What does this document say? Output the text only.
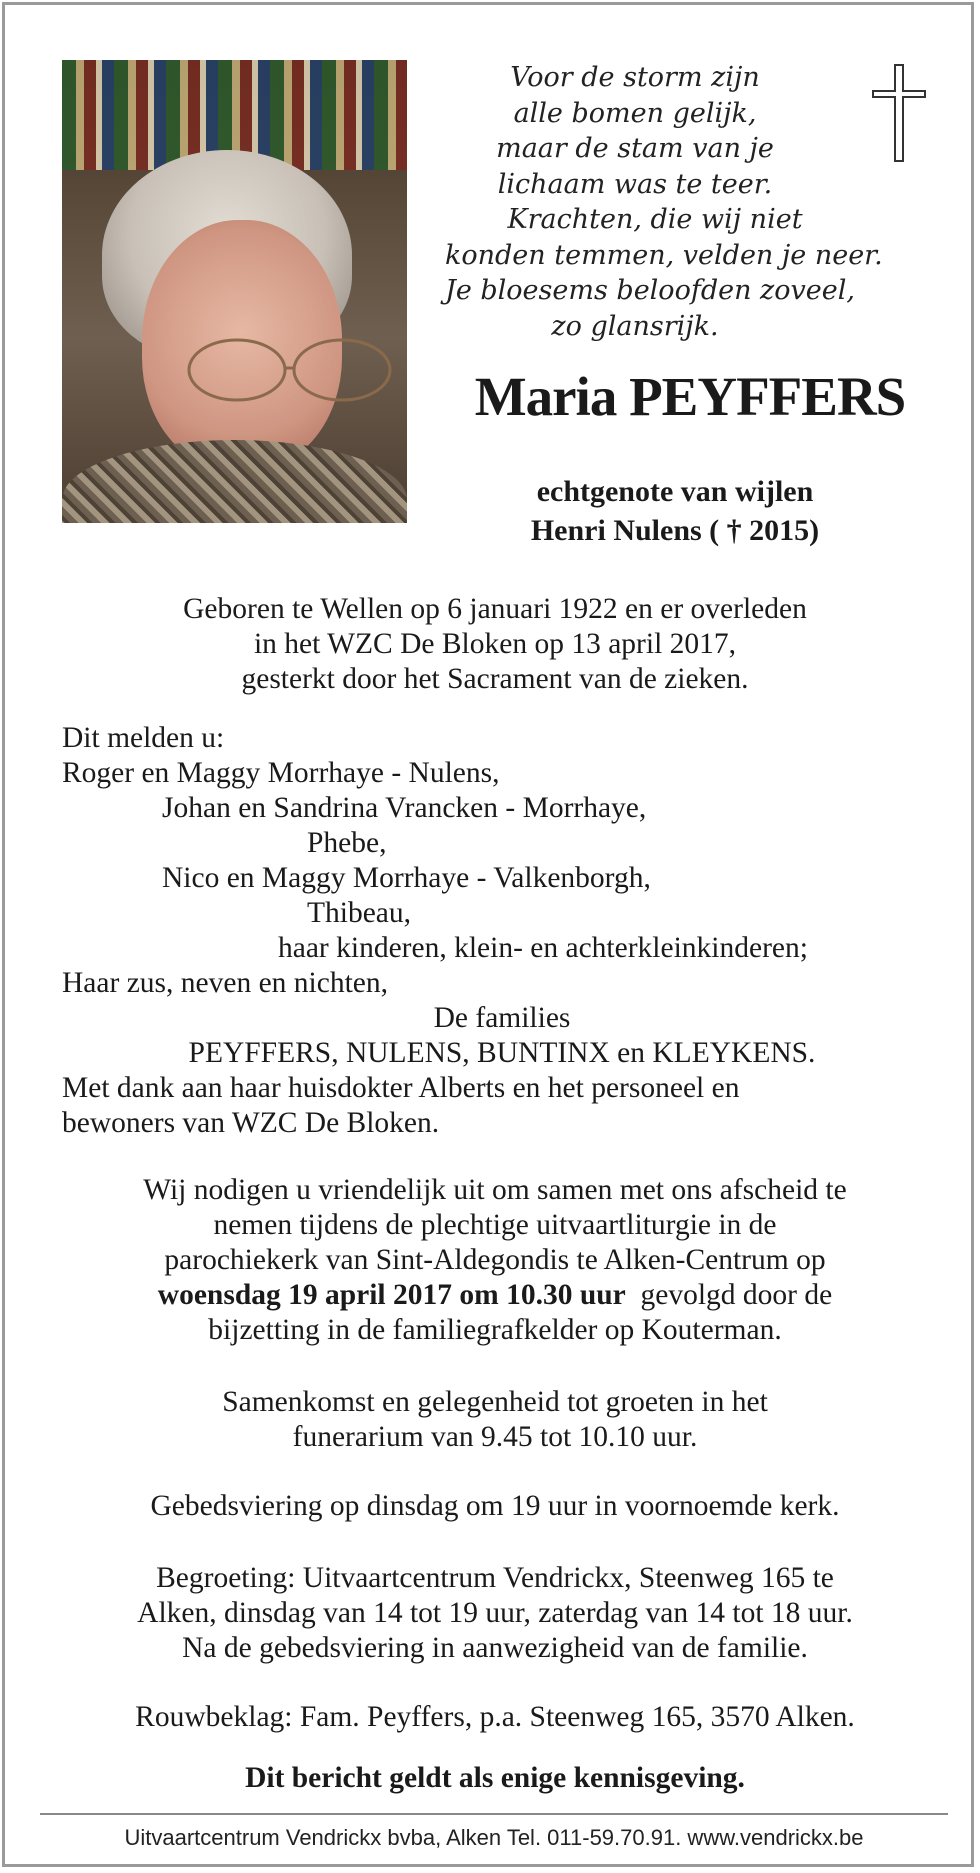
Voor de storm zijn
alle bomen gelijk,
maar de stam van je
lichaam was te teer.
Krachten, die wij niet
konden temmen, velden je neer.
Je bloesems beloofden zoveel,
zo glansrijk.
Maria PEYFFERS

echtgenote van wijlen
Henri Nulens ( † 2015)

Geboren te Wellen op 6 januari 1922 en er overleden
in het WZC De Bloken op 13 april 2017,
gesterkt door het Sacrament van de zieken.

Dit melden u:
Roger en Maggy Morrhaye - Nulens,
Johan en Sandrina Vrancken - Morrhaye,
Phebe,
Nico en Maggy Morrhaye - Valkenborgh,
Thibeau,
haar kinderen, klein- en achterkleinkinderen;
Haar zus, neven en nichten,
De families
PEYFFERS, NULENS, BUNTINX en KLEYKENS.
Met dank aan haar huisdokter Alberts en het personeel en
bewoners van WZC De Bloken.

Wij nodigen u vriendelijk uit om samen met ons afscheid te
nemen tijdens de plechtige uitvaartliturgie in de
parochiekerk van Sint-Aldegondis te Alken-Centrum op
woensdag 19 april 2017 om 10.30 uur gevolgd door de
bijzetting in de familiegrafkelder op Kouterman.

Samenkomst en gelegenheid tot groeten in het
funerarium van 9.45 tot 10.10 uur.

Gebedsviering op dinsdag om 19 uur in voornoemde kerk.

Begroeting: Uitvaartcentrum Vendrickx, Steenweg 165 te
Alken, dinsdag van 14 tot 19 uur, zaterdag van 14 tot 18 uur.
Na de gebedsviering in aanwezigheid van de familie.

Rouwbeklag: Fam. Peyffers, p.a. Steenweg 165, 3570 Alken.

Dit bericht geldt als enige kennisgeving.

Uitvaartcentrum Vendrickx bvba, Alken Tel. 011-59.70.91. www.vendrickx.be
